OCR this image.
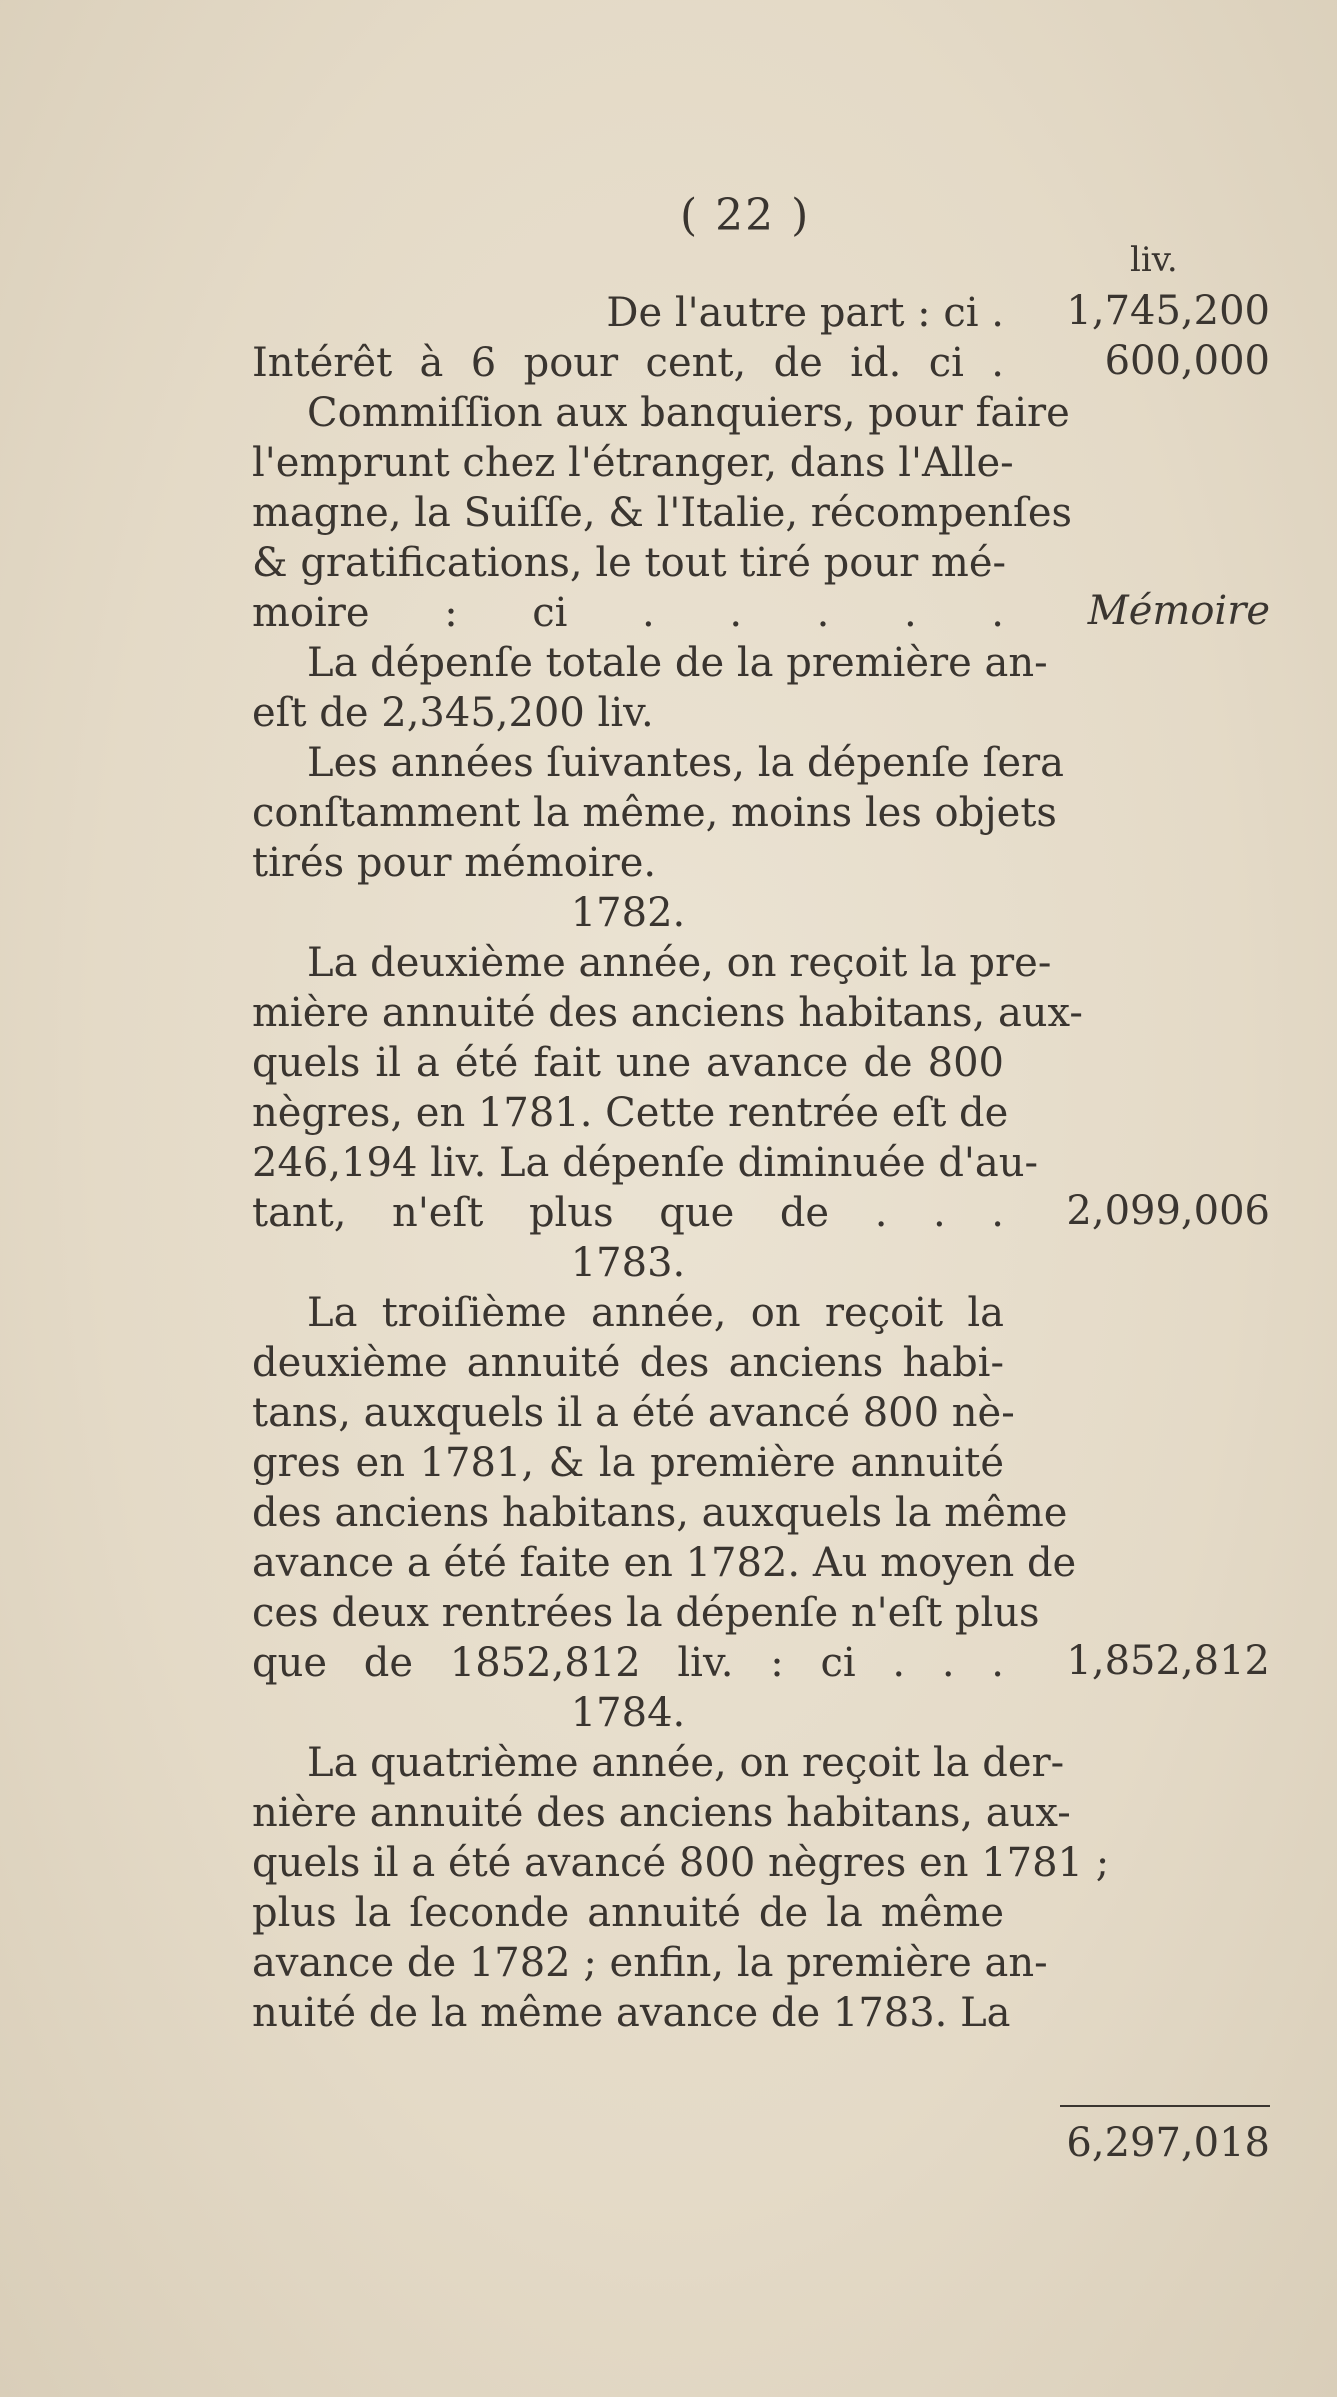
( 22 )
liv.
De l'autre part : ci .
Intérêt à 6 pour cent, de id. ci .
Commiſſion aux banquiers, pour faire
l'emprunt chez l'étranger, dans l'Alle-
magne, la Suiſſe, & l'Italie, récompenſes
& gratifications, le tout tiré pour mé-
moire : ci . . . . .
La dépenſe totale de la première an-
eſt de 2,345,200 liv.
Les années ſuivantes, la dépenſe ſera
conſtamment la même, moins les objets
tirés pour mémoire.
1782.
La deuxième année, on reçoit la pre-
mière annuité des anciens habitans, aux-
quels il a été fait une avance de 800
nègres, en 1781. Cette rentrée eſt de
246,194 liv. La dépenſe diminuée d'au-
tant, n'eſt plus que de . . .
1783.
La troiſième année, on reçoit la
deuxième annuité des anciens habi-
tans, auxquels il a été avancé 800 nè-
gres en 1781, & la première annuité
des anciens habitans, auxquels la même
avance a été faite en 1782. Au moyen de
ces deux rentrées la dépenſe n'eſt plus
que de 1852,812 liv. : ci . . .
1784.
La quatrième année, on reçoit la der-
nière annuité des anciens habitans, aux-
quels il a été avancé 800 nègres en 1781 ;
plus la ſeconde annuité de la même
avance de 1782 ; enfin, la première an-
nuité de la même avance de 1783. La
1,745,200
600,000
Mémoire
2,099,006
1,852,812
6,297,018
